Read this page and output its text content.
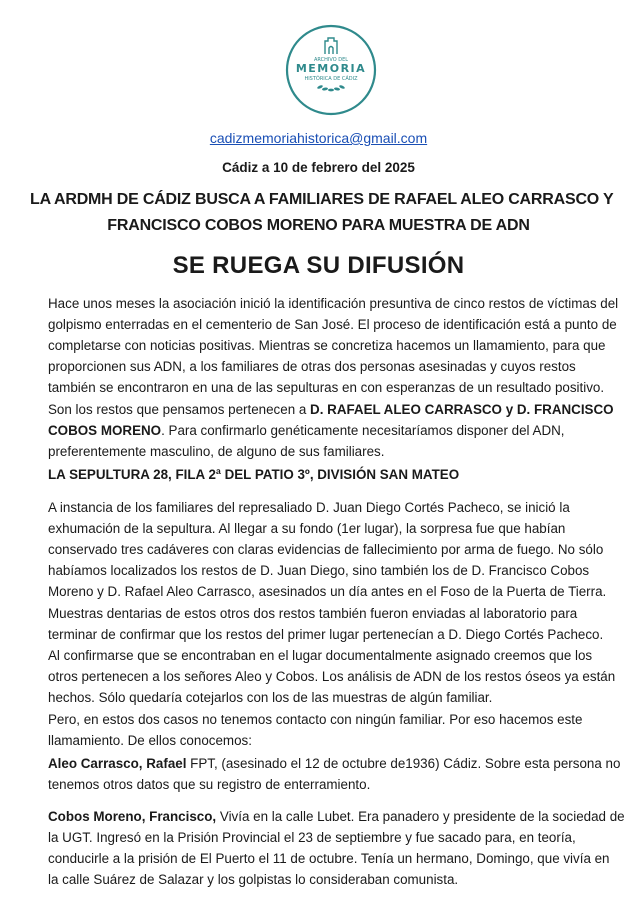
ARCHIVO DEL
MEMORIA
HISTÓRICA DE CÁDIZ
cadizmemoriahistorica@gmail.com
Cádiz a 10 de febrero del 2025
LA ARDMH DE CÁDIZ BUSCA A FAMILIARES DE RAFAEL ALEO CARRASCO Y
FRANCISCO COBOS MORENO PARA MUESTRA DE ADN
SE RUEGA SU DIFUSIÓN
Hace unos meses la asociación inició la identificación presuntiva de cinco restos de víctimas del
golpismo enterradas en el cementerio de San José. El proceso de identificación está a punto de
completarse con noticias positivas. Mientras se concretiza hacemos un llamamiento, para que
proporcionen sus ADN, a los familiares de otras dos personas asesinadas y cuyos restos
también se encontraron en una de las sepulturas en con esperanzas de un resultado positivo.
Son los restos que pensamos pertenecen a D. RAFAEL ALEO CARRASCO y D. FRANCISCO
COBOS MORENO. Para confirmarlo genéticamente necesitaríamos disponer del ADN,
preferentemente masculino, de alguno de sus familiares.
LA SEPULTURA 28, FILA 2ª DEL PATIO 3º, DIVISIÓN SAN MATEO
A instancia de los familiares del represaliado D. Juan Diego Cortés Pacheco, se inició la
exhumación de la sepultura. Al llegar a su fondo (1er lugar), la sorpresa fue que habían
conservado tres cadáveres con claras evidencias de fallecimiento por arma de fuego. No sólo
habíamos localizados los restos de D. Juan Diego, sino también los de D. Francisco Cobos
Moreno y D. Rafael Aleo Carrasco, asesinados un día antes en el Foso de la Puerta de Tierra.
Muestras dentarias de estos otros dos restos también fueron enviadas al laboratorio para
terminar de confirmar que los restos del primer lugar pertenecían a D. Diego Cortés Pacheco.
Al confirmarse que se encontraban en el lugar documentalmente asignado creemos que los
otros pertenecen a los señores Aleo y Cobos. Los análisis de ADN de los restos óseos ya están
hechos. Sólo quedaría cotejarlos con los de las muestras de algún familiar.
Pero, en estos dos casos no tenemos contacto con ningún familiar. Por eso hacemos este
llamamiento. De ellos conocemos:
Aleo Carrasco, Rafael FPT, (asesinado el 12 de octubre de1936) Cádiz. Sobre esta persona no
tenemos otros datos que su registro de enterramiento.
Cobos Moreno, Francisco, Vivía en la calle Lubet. Era panadero y presidente de la sociedad de
la UGT. Ingresó en la Prisión Provincial el 23 de septiembre y fue sacado para, en teoría,
conducirle a la prisión de El Puerto el 11 de octubre. Tenía un hermano, Domingo, que vivía en
la calle Suárez de Salazar y los golpistas lo consideraban comunista.
